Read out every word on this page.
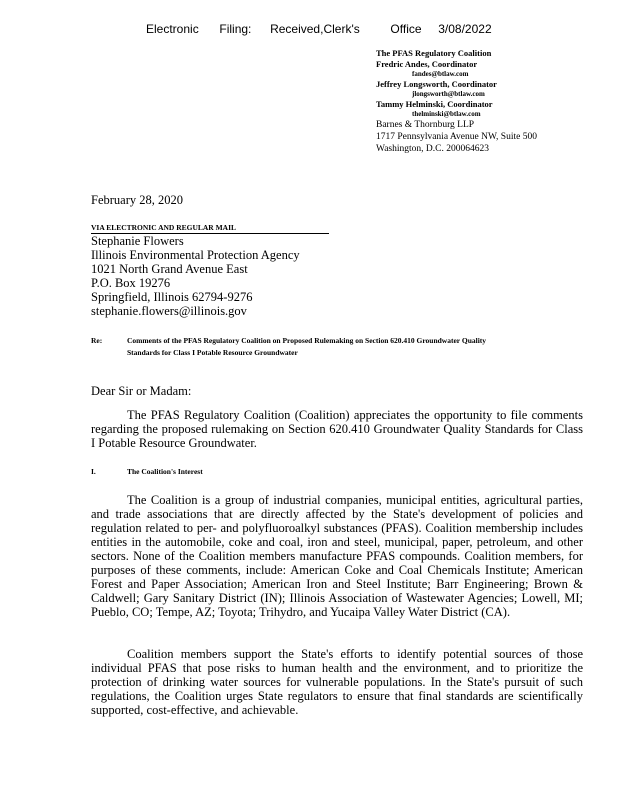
Electronic Filing: Received,Clerk's	Office 3/08/2022
The PFAS Regulatory Coalition
Fredric Andes, Coordinator
fandes@btlaw.com
Jeffrey Longsworth, Coordinator
jlongsworth@btlaw.com
Tammy Helminski, Coordinator
thelminski@btlaw.com
Barnes & Thornburg LLP
1717 Pennsylvania Avenue NW, Suite 500
Washington, D.C. 200064623
February 28, 2020
VIA ELECTRONIC AND REGULAR MAIL
Stephanie Flowers
Illinois Environmental Protection Agency
1021 North Grand Avenue East
P.O. Box 19276
Springfield, Illinois 62794-9276
stephanie.flowers@illinois.gov
Re:	Comments of the PFAS Regulatory Coalition on Proposed Rulemaking on Section 620.410 Groundwater Quality Standards for Class I Potable Resource Groundwater
Dear Sir or Madam:
The PFAS Regulatory Coalition (Coalition) appreciates the opportunity to file comments regarding the proposed rulemaking on Section 620.410 Groundwater Quality Standards for Class I Potable Resource Groundwater.
I.	The Coalition's Interest
The Coalition is a group of industrial companies, municipal entities, agricultural parties, and trade associations that are directly affected by the State's development of policies and regulation related to per- and polyfluoroalkyl substances (PFAS). Coalition membership includes entities in the automobile, coke and coal, iron and steel, municipal, paper, petroleum, and other sectors. None of the Coalition members manufacture PFAS compounds. Coalition members, for purposes of these comments, include: American Coke and Coal Chemicals Institute; American Forest and Paper Association; American Iron and Steel Institute; Barr Engineering; Brown & Caldwell; Gary Sanitary District (IN); Illinois Association of Wastewater Agencies; Lowell, MI; Pueblo, CO; Tempe, AZ; Toyota; Trihydro, and Yucaipa Valley Water District (CA).
Coalition members support the State's efforts to identify potential sources of those individual PFAS that pose risks to human health and the environment, and to prioritize the protection of drinking water sources for vulnerable populations. In the State's pursuit of such regulations, the Coalition urges State regulators to ensure that final standards are scientifically supported, cost-effective, and achievable.
